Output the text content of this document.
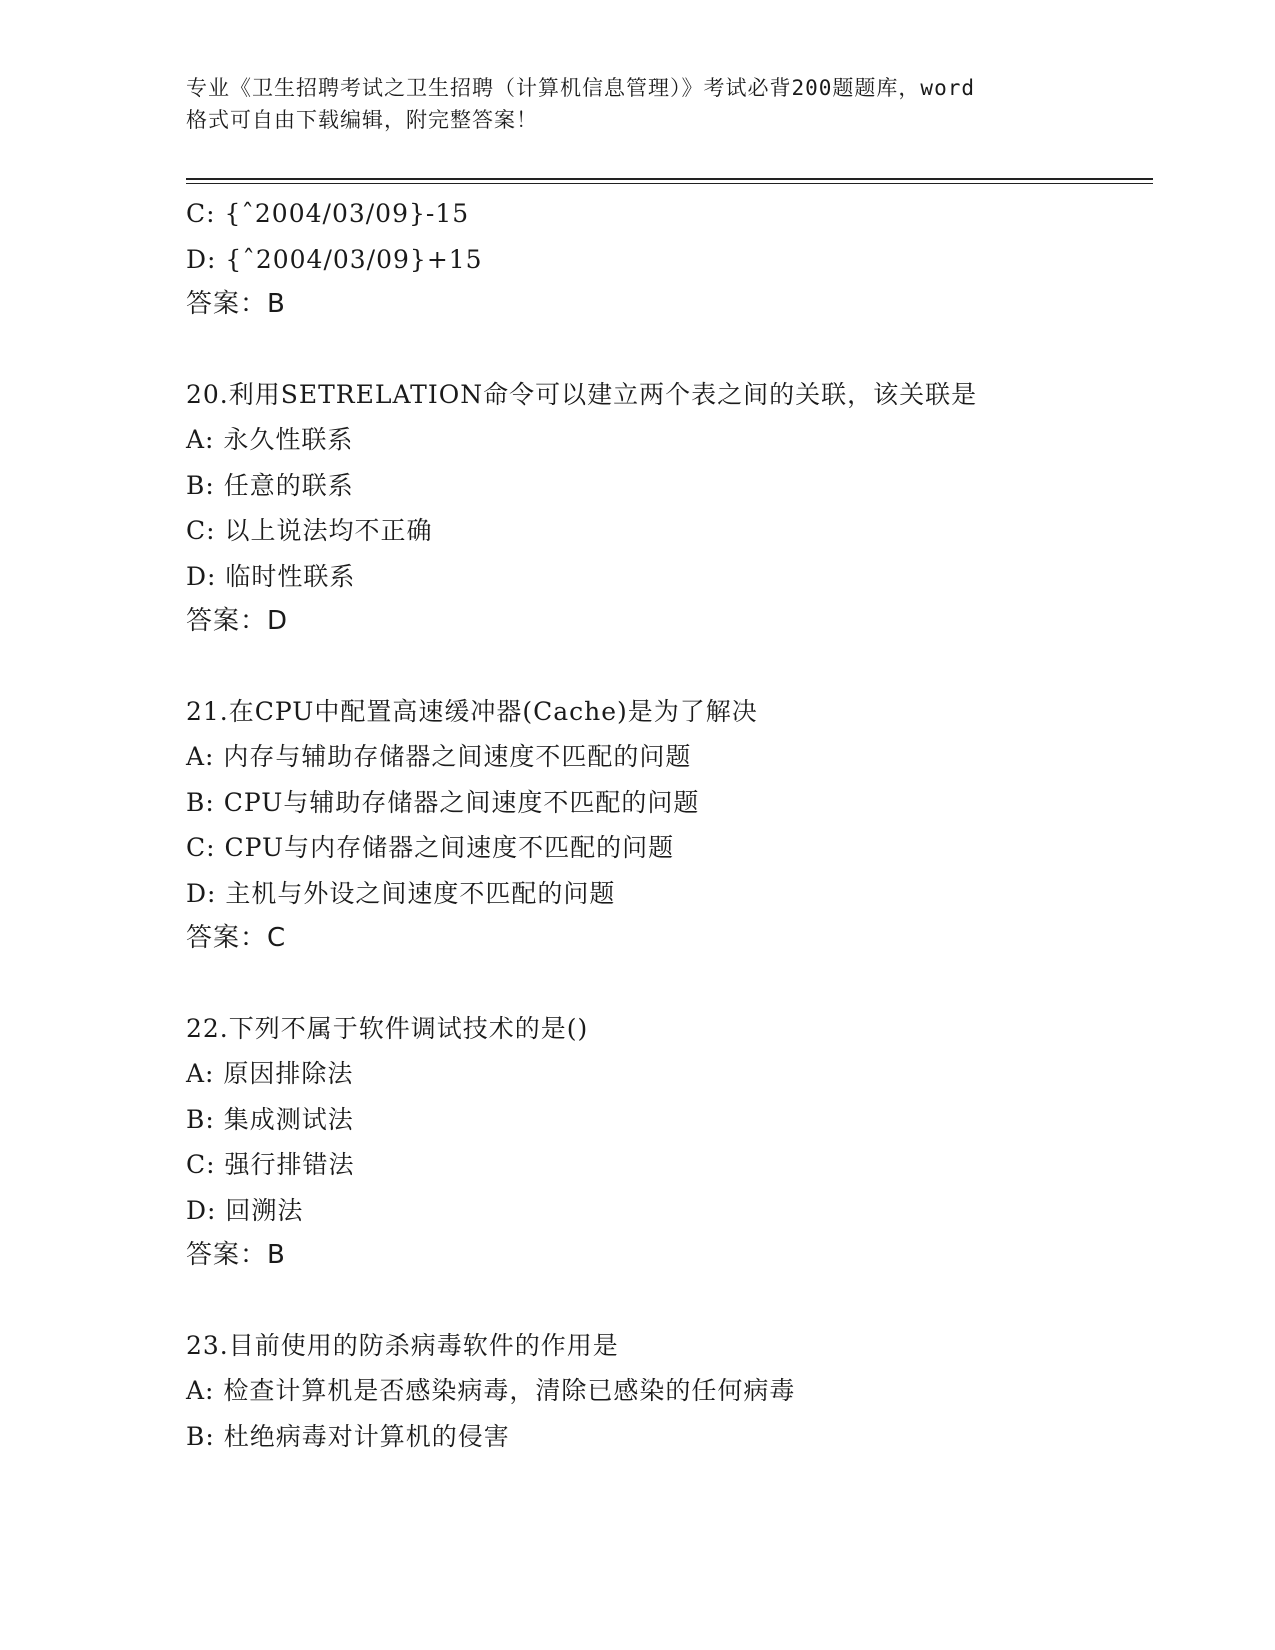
专业《卫生招聘考试之卫生招聘（计算机信息管理）》考试必背200题题库，word
格式可自由下载编辑，附完整答案！
C: {ˆ2004/03/09}-15
D: {ˆ2004/03/09}+15
答案：B
20.利用SETRELATION命令可以建立两个表之间的关联，该关联是
A: 永久性联系
B: 任意的联系
C: 以上说法均不正确
D: 临时性联系
答案：D
21.在CPU中配置高速缓冲器(Cache)是为了解决
A: 内存与辅助存储器之间速度不匹配的问题
B: CPU与辅助存储器之间速度不匹配的问题
C: CPU与内存储器之间速度不匹配的问题
D: 主机与外设之间速度不匹配的问题
答案：C
22.下列不属于软件调试技术的是()
A: 原因排除法
B: 集成测试法
C: 强行排错法
D: 回溯法
答案：B
23.目前使用的防杀病毒软件的作用是
A: 检查计算机是否感染病毒，清除已感染的任何病毒
B: 杜绝病毒对计算机的侵害
